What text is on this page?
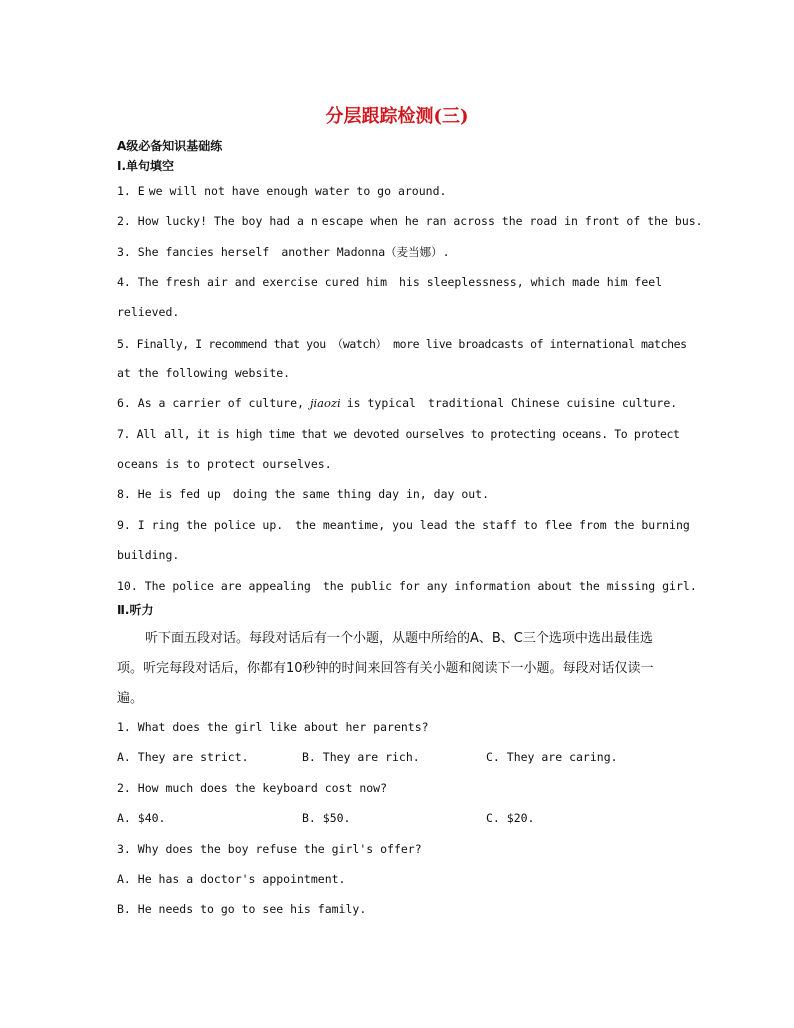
分层跟踪检测(三)
A级必备知识基础练
Ⅰ.单句填空
1. E we will not have enough water to go around.
2. How lucky! The boy had a n escape when he ran across the road in front of the bus.
3. She fancies herself another Madonna（麦当娜）.
4. The fresh air and exercise cured him his sleeplessness, which made him feel
relieved.
5. Finally, I recommend that you （watch） more live broadcasts of international matches
at the following website.
6. As a carrier of culture, jiaozi is typical traditional Chinese cuisine culture.
7. All all, it is high time that we devoted ourselves to protecting oceans. To protect
oceans is to protect ourselves.
8. He is fed up doing the same thing day in, day out.
9. I ring the police up. the meantime, you lead the staff to flee from the burning
building.
10. The police are appealing the public for any information about the missing girl.
Ⅱ.听力
听下面五段对话。每段对话后有一个小题，从题中所给的A、B、C三个选项中选出最佳选
项。听完每段对话后，你都有10秒钟的时间来回答有关小题和阅读下一小题。每段对话仅读一
遍。
1. What does the girl like about her parents?
A. They are strict.	B. They are rich.	C. They are caring.
2. How much does the keyboard cost now?
A. $40.	B. $50.	C. $20.
3. Why does the boy refuse the girl's offer?
A. He has a doctor's appointment.
B. He needs to go to see his family.
